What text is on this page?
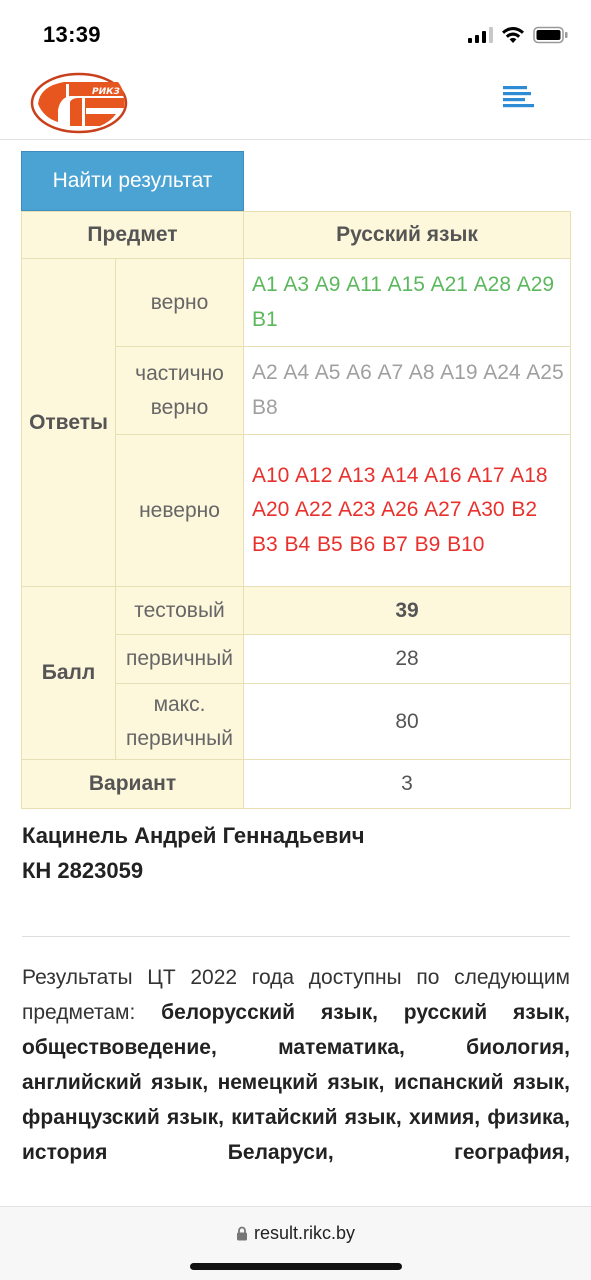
13:39
РИКЗ
Найти результат
Предмет		Русский язык
Ответы	верно	A1 A3 A9 A11 A15 A21 A28 A29 B1
	частично верно	A2 A4 A5 A6 A7 A8 A19 A24 A25 B8
	неверно	A10 A12 A13 A14 A16 A17 A18 A20 A22 A23 A26 A27 A30 B2 B3 B4 B5 B6 B7 B9 B10
Балл	тестовый	39
	первичный	28
	макс. первичный	80
Вариант		3
Кацинель Андрей Геннадьевич
КН 2823059
Результаты ЦТ 2022 года доступны по следующим предметам: белорусский язык, русский язык, обществоведение, математика, биология, английский язык, немецкий язык, испанский язык, французский язык, китайский язык, химия, физика, история Беларуси, география,
result.rikc.by
